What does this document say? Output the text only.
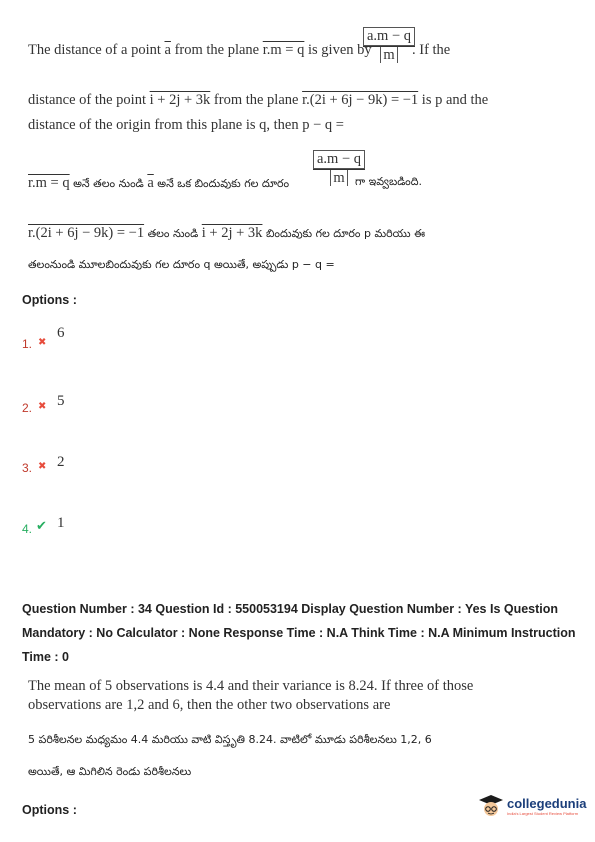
The distance of a point $\overline{a}$ from the plane r.m = q is given by
$\frac{a.m - q}{m}$
. If the
distance of the point i + 2j + 3k from the plane r.(2i + 6j − 9k) = −1 is p and the
distance of the origin from this plane is q, then p − q =
r.m = q అనే తలం నుండి $\overline{a}$ అనే ఒక బిందువుకు గల దూరం $\frac{a.m - q}{m}$
గా ఇవ్వబడింది.
r.(2i + 6j − 9k) = −1 తలం నుండి i + 2j + 3k బిందువుకు గల దూరం p మరియు ఈ
తలంనుండి మూలబిందువుకు గల దూరం q అయితే, అప్పుడు p − q =
Options :
1. ✖
6
2. ✖ 5
3. ✖ 2
4. ✔ 1
Question Number : 34 Question Id : 550053194 Display Question Number : Yes Is Question
Mandatory : No Calculator : None Response Time : N.A Think Time : N.A Minimum Instruction
Time : 0
The mean of 5 observations is 4.4 and their variance is 8.24. If three of those
observations are 1,2 and 6, then the other two observations are
5 పరిశీలనల మధ్యమం 4.4 మరియు వాటి విస్తృతి 8.24. వాటిలో మూడు పరిశీలనలు 1,2, 6
అయితే, ఆ మిగిలిన రెండు పరిశీలనలు
Options :	collegedunia
India's Largest Student Review Platform
